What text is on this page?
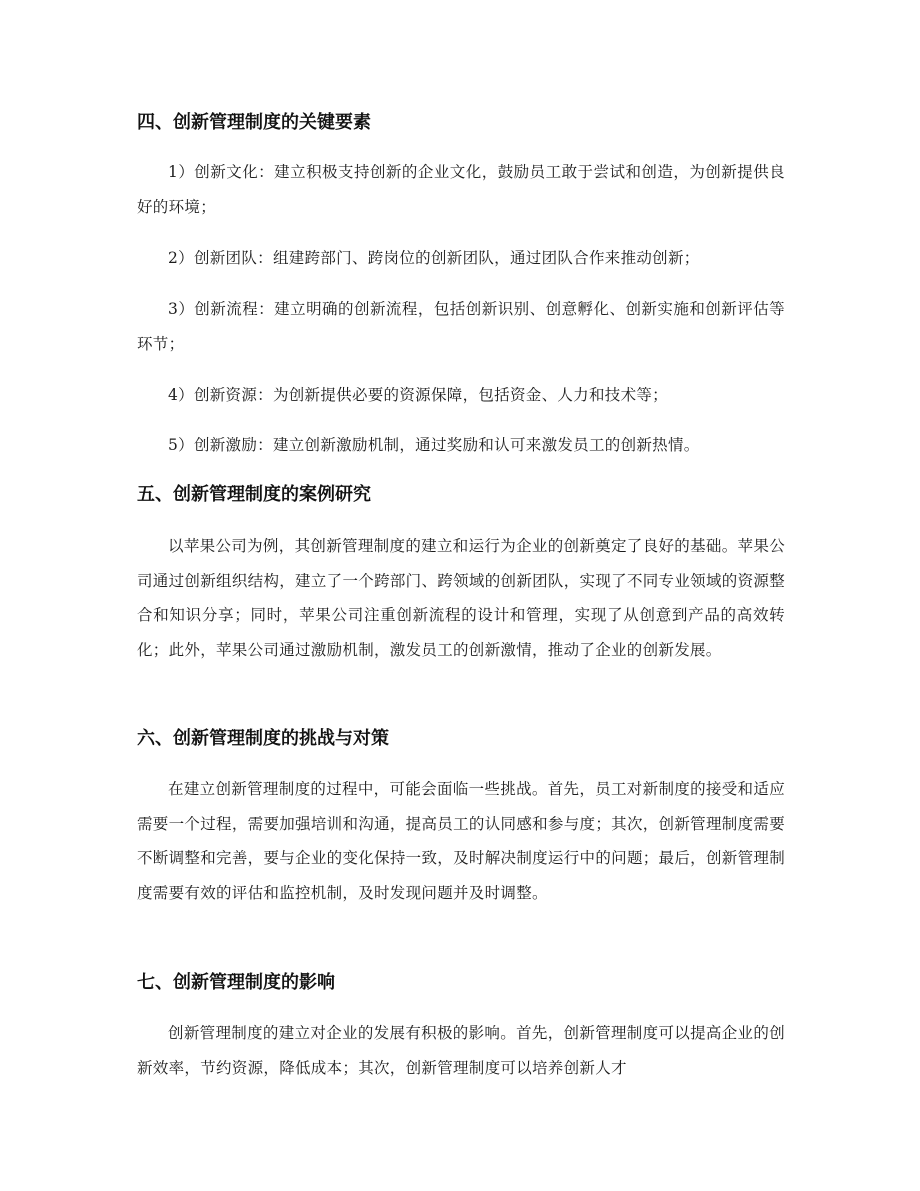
四、创新管理制度的关键要素

1）创新文化：建立积极支持创新的企业文化，鼓励员工敢于尝试和创造，为创新提供良好的环境；

2）创新团队：组建跨部门、跨岗位的创新团队，通过团队合作来推动创新；

3）创新流程：建立明确的创新流程，包括创新识别、创意孵化、创新实施和创新评估等环节；

4）创新资源：为创新提供必要的资源保障，包括资金、人力和技术等；

5）创新激励：建立创新激励机制，通过奖励和认可来激发员工的创新热情。

五、创新管理制度的案例研究

以苹果公司为例，其创新管理制度的建立和运行为企业的创新奠定了良好的基础。苹果公司通过创新组织结构，建立了一个跨部门、跨领域的创新团队，实现了不同专业领域的资源整合和知识分享；同时，苹果公司注重创新流程的设计和管理，实现了从创意到产品的高效转化；此外，苹果公司通过激励机制，激发员工的创新激情，推动了企业的创新发展。

六、创新管理制度的挑战与对策

在建立创新管理制度的过程中，可能会面临一些挑战。首先，员工对新制度的接受和适应需要一个过程，需要加强培训和沟通，提高员工的认同感和参与度；其次，创新管理制度需要不断调整和完善，要与企业的变化保持一致，及时解决制度运行中的问题；最后，创新管理制度需要有效的评估和监控机制，及时发现问题并及时调整。

七、创新管理制度的影响

创新管理制度的建立对企业的发展有积极的影响。首先，创新管理制度可以提高企业的创新效率，节约资源，降低成本；其次，创新管理制度可以培养创新人才
